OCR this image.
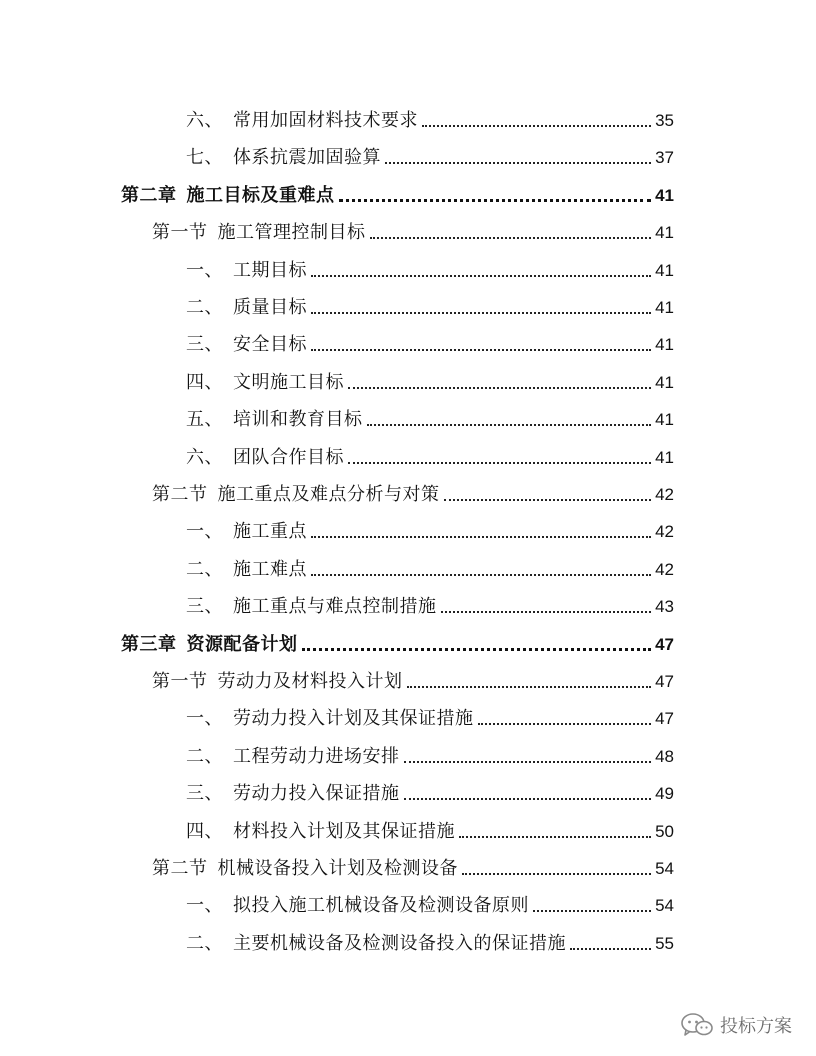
六、 常用加固材料技术要求	35
七、 体系抗震加固验算	37
第二章 施工目标及重难点	41
第一节 施工管理控制目标	41
一、 工期目标	41
二、 质量目标	41
三、 安全目标	41
四、 文明施工目标	41
五、 培训和教育目标	41
六、 团队合作目标	41
第二节 施工重点及难点分析与对策	42
一、 施工重点	42
二、 施工难点	42
三、 施工重点与难点控制措施	43
第三章 资源配备计划	47
第一节 劳动力及材料投入计划	47
一、 劳动力投入计划及其保证措施	47
二、 工程劳动力进场安排	48
三、 劳动力投入保证措施	49
四、 材料投入计划及其保证措施	50
第二节 机械设备投入计划及检测设备	54
一、 拟投入施工机械设备及检测设备原则	54
二、 主要机械设备及检测设备投入的保证措施	55
投标方案
